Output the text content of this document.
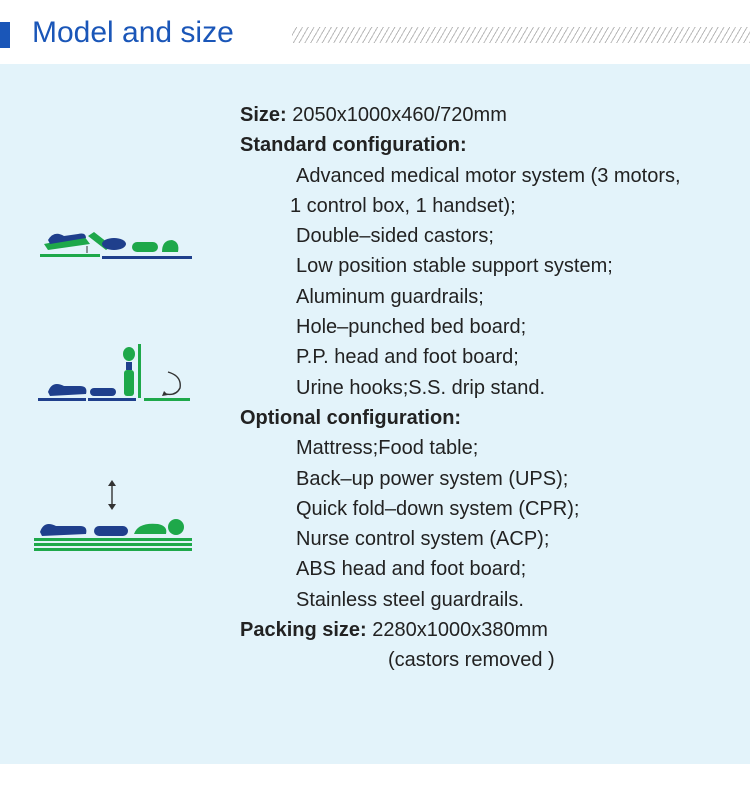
Model and size
Size: 2050x1000x460/720mm
Standard configuration:
Advanced medical motor system (3 motors,
1 control box, 1 handset);
Double–sided castors;
Low position stable support system;
Aluminum guardrails;
Hole–punched bed board;
P.P. head and foot board;
Urine hooks;S.S. drip stand.
Optional configuration:
Mattress;Food table;
Back–up power system (UPS);
Quick fold–down system (CPR);
Nurse control system (ACP);
ABS head and foot board;
Stainless steel guardrails.
Packing size: 2280x1000x380mm
(castors removed )
